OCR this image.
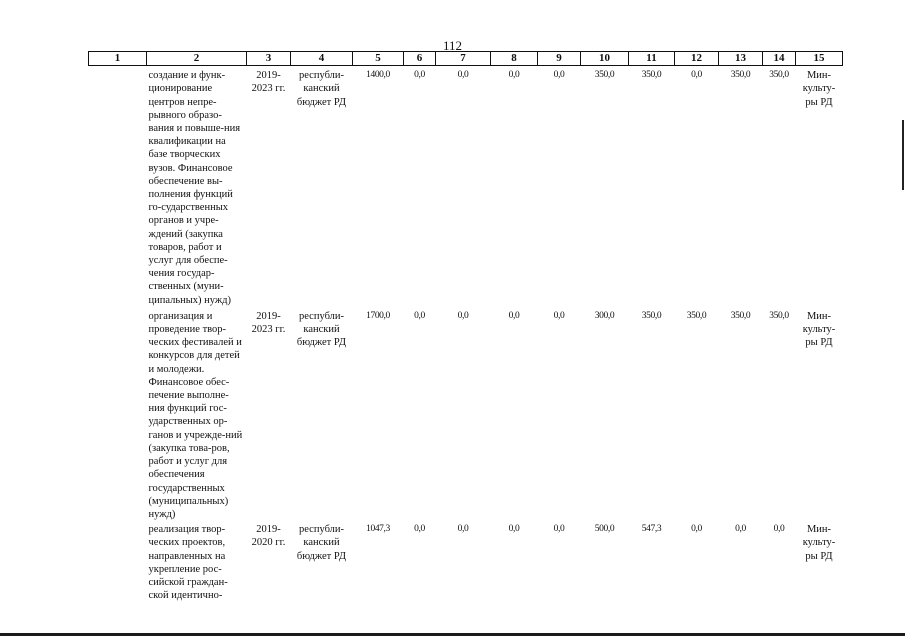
112
1	2	3	4	5	6	7	8	9	10	11	12	13	14	15
	создание и функ-ционирование центров непре-рывного образо-вания и повыше-ния квалификации на базе творческих вузов. Финансовое обеспечение вы-полнения функций го-сударственных органов и учре-ждений (закупка товаров, работ и услуг для обеспе-чения государ-ственных (муни-ципальных) нужд)	2019-2023 гг.	республи-канский бюджет РД	1400,0	0,0	0,0	0,0	0,0	350,0	350,0	0,0	350,0	350,0	Мин-культу-ры РД
	организация и проведение твор-ческих фестивалей и конкурсов для детей и молодежи. Финансовое обес-печение выполне-ния функций гос-ударственных ор-ганов и учрежде-ний (закупка това-ров, работ и услуг для обеспечения государственных (муниципальных) нужд)	2019-2023 гг.	республи-канский бюджет РД	1700,0	0,0	0,0	0,0	0,0	300,0	350,0	350,0	350,0	350,0	Мин-культу-ры РД
	реализация твор-ческих проектов, направленных на укрепление рос-сийской граждан-ской идентично-	2019-2020 гг.	республи-канский бюджет РД	1047,3	0,0	0,0	0,0	0,0	500,0	547,3	0,0	0,0	0,0	Мин-культу-ры РД
